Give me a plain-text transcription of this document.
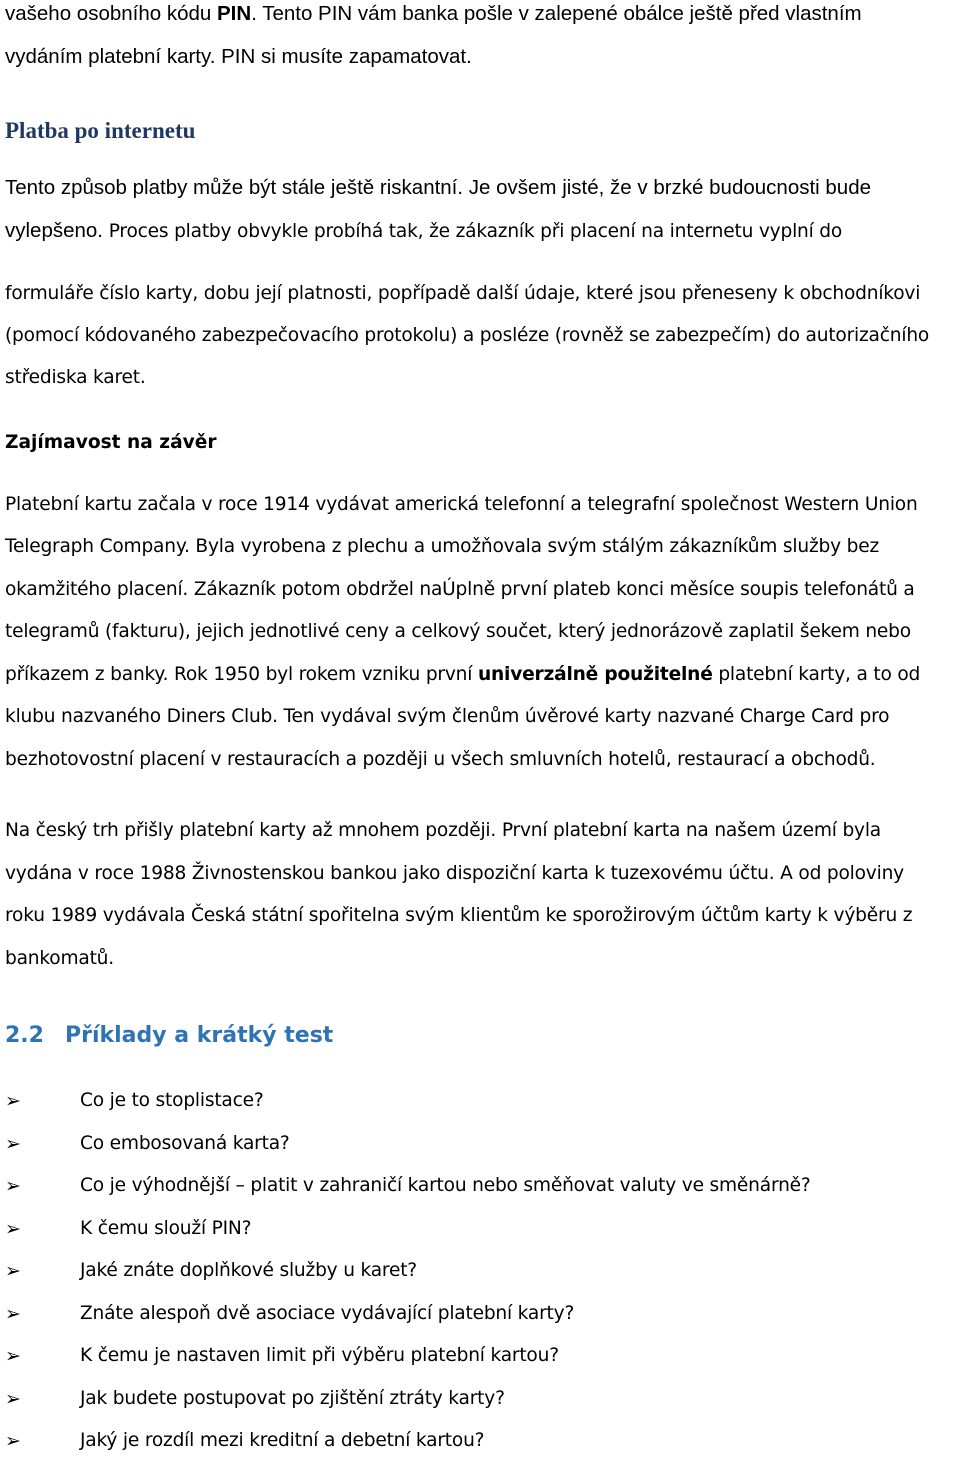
vašeho osobního kódu PIN. Tento PIN vám banka pošle v zalepené obálce ještě před vlastním
vydáním platební karty. PIN si musíte zapamatovat.
Platba po internetu
Tento způsob platby může být stále ještě riskantní. Je ovšem jisté, že v brzké budoucnosti bude
vylepšeno. Proces platby obvykle probíhá tak, že zákazník při placení na internetu vyplní do
formuláře číslo karty, dobu její platnosti, popřípadě další údaje, které jsou přeneseny k obchodníkovi
(pomocí kódovaného zabezpečovacího protokolu) a posléze (rovněž se zabezpečím) do autorizačního
střediska karet.
Zajímavost na závěr
Platební kartu začala v roce 1914 vydávat americká telefonní a telegrafní společnost Western Union
Telegraph Company. Byla vyrobena z plechu a umožňovala svým stálým zákazníkům služby bez
okamžitého placení. Zákazník potom obdržel naÚplně první plateb konci měsíce soupis telefonátů a
telegramů (fakturu), jejich jednotlivé ceny a celkový součet, který jednorázově zaplatil šekem nebo
příkazem z banky. Rok 1950 byl rokem vzniku první univerzálně použitelné platební karty, a to od
klubu nazvaného Diners Club. Ten vydával svým členům úvěrové karty nazvané Charge Card pro
bezhotovostní placení v restauracích a později u všech smluvních hotelů, restaurací a obchodů.
Na český trh přišly platební karty až mnohem později. První platební karta na našem území byla
vydána v roce 1988 Živnostenskou bankou jako dispoziční karta k tuzexovému účtu. A od poloviny
roku 1989 vydávala Česká státní spořitelna svým klientům ke sporožirovým účtům karty k výběru z
bankomatů.
2.2 Příklady a krátký test
➢	Co je to stoplistace?
➢	Co embosovaná karta?
➢	Co je výhodnější – platit v zahraničí kartou nebo směňovat valuty ve směnárně?
➢	K čemu slouží PIN?
➢	Jaké znáte doplňkové služby u karet?
➢	Znáte alespoň dvě asociace vydávající platební karty?
➢	K čemu je nastaven limit při výběru platební kartou?
➢	Jak budete postupovat po zjištění ztráty karty?
➢	Jaký je rozdíl mezi kreditní a debetní kartou?
